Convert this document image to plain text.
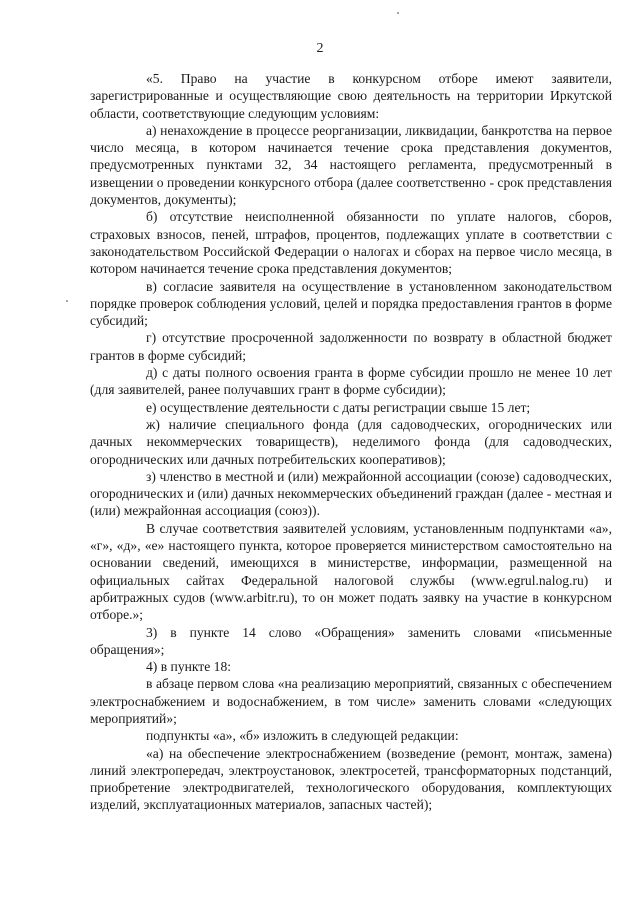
2

«5. Право на участие в конкурсном отборе имеют заявители, зарегистрированные и осуществляющие свою деятельность на территории Иркутской области, соответствующие следующим условиям:

а) ненахождение в процессе реорганизации, ликвидации, банкротства на первое число месяца, в котором начинается течение срока представления документов, предусмотренных пунктами 32, 34 настоящего регламента, предусмотренный в извещении о проведении конкурсного отбора (далее соответственно - срок представления документов, документы);

б) отсутствие неисполненной обязанности по уплате налогов, сборов, страховых взносов, пеней, штрафов, процентов, подлежащих уплате в соответствии с законодательством Российской Федерации о налогах и сборах на первое число месяца, в котором начинается течение срока представления документов;

в) согласие заявителя на осуществление в установленном законодательством порядке проверок соблюдения условий, целей и порядка предоставления грантов в форме субсидий;

г) отсутствие просроченной задолженности по возврату в областной бюджет грантов в форме субсидий;

д) с даты полного освоения гранта в форме субсидии прошло не менее 10 лет (для заявителей, ранее получавших грант в форме субсидии);

е) осуществление деятельности с даты регистрации свыше 15 лет;

ж) наличие специального фонда (для садоводческих, огороднических или дачных некоммерческих товариществ), неделимого фонда (для садоводческих, огороднических или дачных потребительских кооперативов);

з) членство в местной и (или) межрайонной ассоциации (союзе) садоводческих, огороднических и (или) дачных некоммерческих объединений граждан (далее - местная и (или) межрайонная ассоциация (союз)).

В случае соответствия заявителей условиям, установленным подпунктами «а», «г», «д», «е» настоящего пункта, которое проверяется министерством самостоятельно на основании сведений, имеющихся в министерстве, информации, размещенной на официальных сайтах Федеральной налоговой службы (www.egrul.nalog.ru) и арбитражных судов (www.arbitr.ru), то он может подать заявку на участие в конкурсном отборе.»;

3) в пункте 14 слово «Обращения» заменить словами «письменные обращения»;

4) в пункте 18:

в абзаце первом слова «на реализацию мероприятий, связанных с обеспечением электроснабжением и водоснабжением, в том числе» заменить словами «следующих мероприятий»;

подпункты «а», «б» изложить в следующей редакции:

«а) на обеспечение электроснабжением (возведение (ремонт, монтаж, замена) линий электропередач, электроустановок, электросетей, трансформаторных подстанций, приобретение электродвигателей, технологического оборудования, комплектующих изделий, эксплуатационных материалов, запасных частей);
